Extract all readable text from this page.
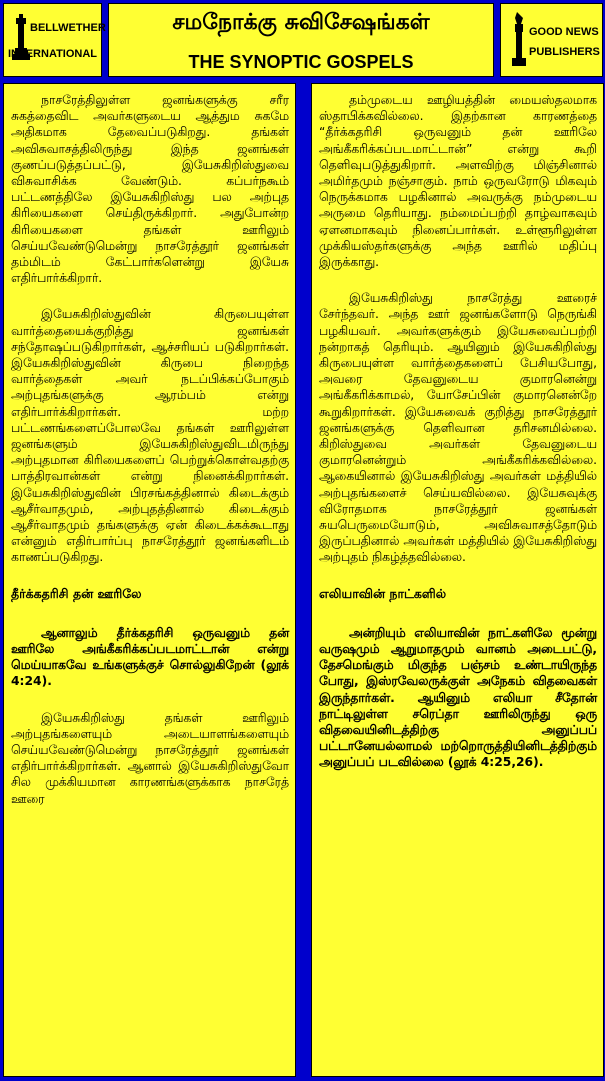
BELLWETHER
INTERNATIONAL
சமநோக்கு சுவிசேஷங்கள்
THE SYNOPTIC GOSPELS
GOOD NEWS
PUBLISHERS

நாசரேத்திலுள்ள ஜனங்களுக்கு சரீர சுகத்தைவிட அவர்களுடைய ஆத்தும சுகமே அதிகமாக தேவைப்படுகிறது. தங்கள் அவிசுவாசத்திலிருந்து இந்த ஜனங்கள் குணப்படுத்தப்பட்டு, இயேசுகிறிஸ்துவை விசுவாசிக்க வேண்டும். கப்பர்நகூம் பட்டணத்திலே இயேசுகிறிஸ்து பல அற்புத கிரியைகளை செய்திருக்கிறார். அதுபோன்ற கிரியைகளை தங்கள் ஊரிலும் செய்யவேண்டுமென்று நாசரேத்தூர் ஜனங்கள் தம்மிடம் கேட்பார்களென்று இயேசு எதிர்பார்க்கிறார்.

இயேசுகிறிஸ்துவின் கிருபையுள்ள வார்த்தையைக்குறித்து ஜனங்கள் சந்தோஷப்படுகிறார்கள், ஆச்சரியப் படுகிறார்கள். இயேசுகிறிஸ்துவின் கிருபை நிறைந்த வார்த்தைகள் அவர் நடப்பிக்கப்போகும் அற்புதங்களுக்கு ஆரம்பம் என்று எதிர்பார்க்கிறார்கள். மற்ற பட்டணங்களைப்போலவே தங்கள் ஊரிலுள்ள ஜனங்களும் இயேசுகிறிஸ்துவிடமிருந்து அற்புதமான கிரியைகளைப் பெற்றுக்கொள்வதற்கு பாத்திரவான்கள் என்று நினைக்கிறார்கள். இயேசுகிறிஸ்துவின் பிரசங்கத்தினால் கிடைக்கும் ஆசீர்வாதமும், அற்புதத்தினால் கிடைக்கும் ஆசீர்வாதமும் தங்களுக்கு ஏன் கிடைக்கக்கூடாது என்னும் எதிர்பார்ப்பு நாசரேத்தூர் ஜனங்களிடம் காணப்படுகிறது.

தீர்க்கதரிசி தன் ஊரிலே

ஆனாலும் தீர்க்கதரிசி ஒருவனும் தன் ஊரிலே அங்கீகரிக்கப்படமாட்டான் என்று மெய்யாகவே உங்களுக்குச் சொல்லுகிறேன் (லூக் 4:24).

இயேசுகிறிஸ்து தங்கள் ஊரிலும் அற்புதங்களையும் அடையாளங்களையும் செய்யவேண்டுமென்று நாசரேத்தூர் ஜனங்கள் எதிர்பார்க்கிறார்கள். ஆனால் இயேசுகிறிஸ்துவோ சில முக்கியமான காரணங்களுக்காக நாசரேத் ஊரை

தம்முடைய ஊழியத்தின் மையஸ்தலமாக ஸ்தாபிக்கவில்லை. இதற்கான காரணத்தை “தீர்க்கதரிசி ஒருவனும் தன் ஊரிலே அங்கீகரிக்கப்படமாட்டான்” என்று கூறி தெளிவுபடுத்துகிறார். அளவிற்கு மிஞ்சினால் அமிர்தமும் நஞ்சாகும். நாம் ஒருவரோடு மிகவும் நெருக்கமாக பழகினால் அவருக்கு நம்முடைய அருமை தெரியாது. நம்மைப்பற்றி தாழ்வாகவும் ஏளனமாகவும் நினைப்பார்கள். உள்ளூரிலுள்ள முக்கியஸ்தர்களுக்கு அந்த ஊரில் மதிப்பு இருக்காது.

இயேசுகிறிஸ்து நாசரேத்து ஊரைச் சேர்ந்தவர். அந்த ஊர் ஜனங்களோடு நெருங்கி பழகியவர். அவர்களுக்கும் இயேசுவைப்பற்றி நன்றாகத் தெரியும். ஆயினும் இயேசுகிறிஸ்து கிருபையுள்ள வார்த்தைகளைப் பேசியபோது, அவரை தேவனுடைய குமாரனென்று அங்கீகரிக்காமல், யோசேப்பின் குமாரனென்றே கூறுகிறார்கள். இயேசுவைக் குறித்து நாசரேத்தூர் ஜனங்களுக்கு தெளிவான தரிசனமில்லை. கிறிஸ்துவை அவர்கள் தேவனுடைய குமாரனென்றும் அங்கீகரிக்கவில்லை. ஆகையினால் இயேசுகிறிஸ்து அவர்கள் மத்தியில் அற்புதங்களைச் செய்யவில்லை. இயேசுவுக்கு விரோதமாக நாசரேத்தூர் ஜனங்கள் சுயபெருமையோடும், அவிசுவாசத்தோடும் இருப்பதினால் அவர்கள் மத்தியில் இயேசுகிறிஸ்து அற்புதம் நிகழ்த்தவில்லை.

எலியாவின் நாட்களில்

அன்றியும் எலியாவின் நாட்களிலே மூன்று வருஷமும் ஆறுமாதமும் வானம் அடைபட்டு, தேசமெங்கும் மிகுந்த பஞ்சம் உண்டாயிருந்த போது, இஸ்ரவேலருக்குள் அநேகம் விதவைகள் இருந்தார்கள். ஆயினும் எலியா சீதோன் நாட்டிலுள்ள சரெப்தா ஊரிலிருந்து ஒரு விதவையினிடத்திற்கு அனுப்பப் பட்டானேயல்லாமல் மற்றொருத்தியினிடத்திற்கும் அனுப்பப் படவில்லை (லூக் 4:25,26).
